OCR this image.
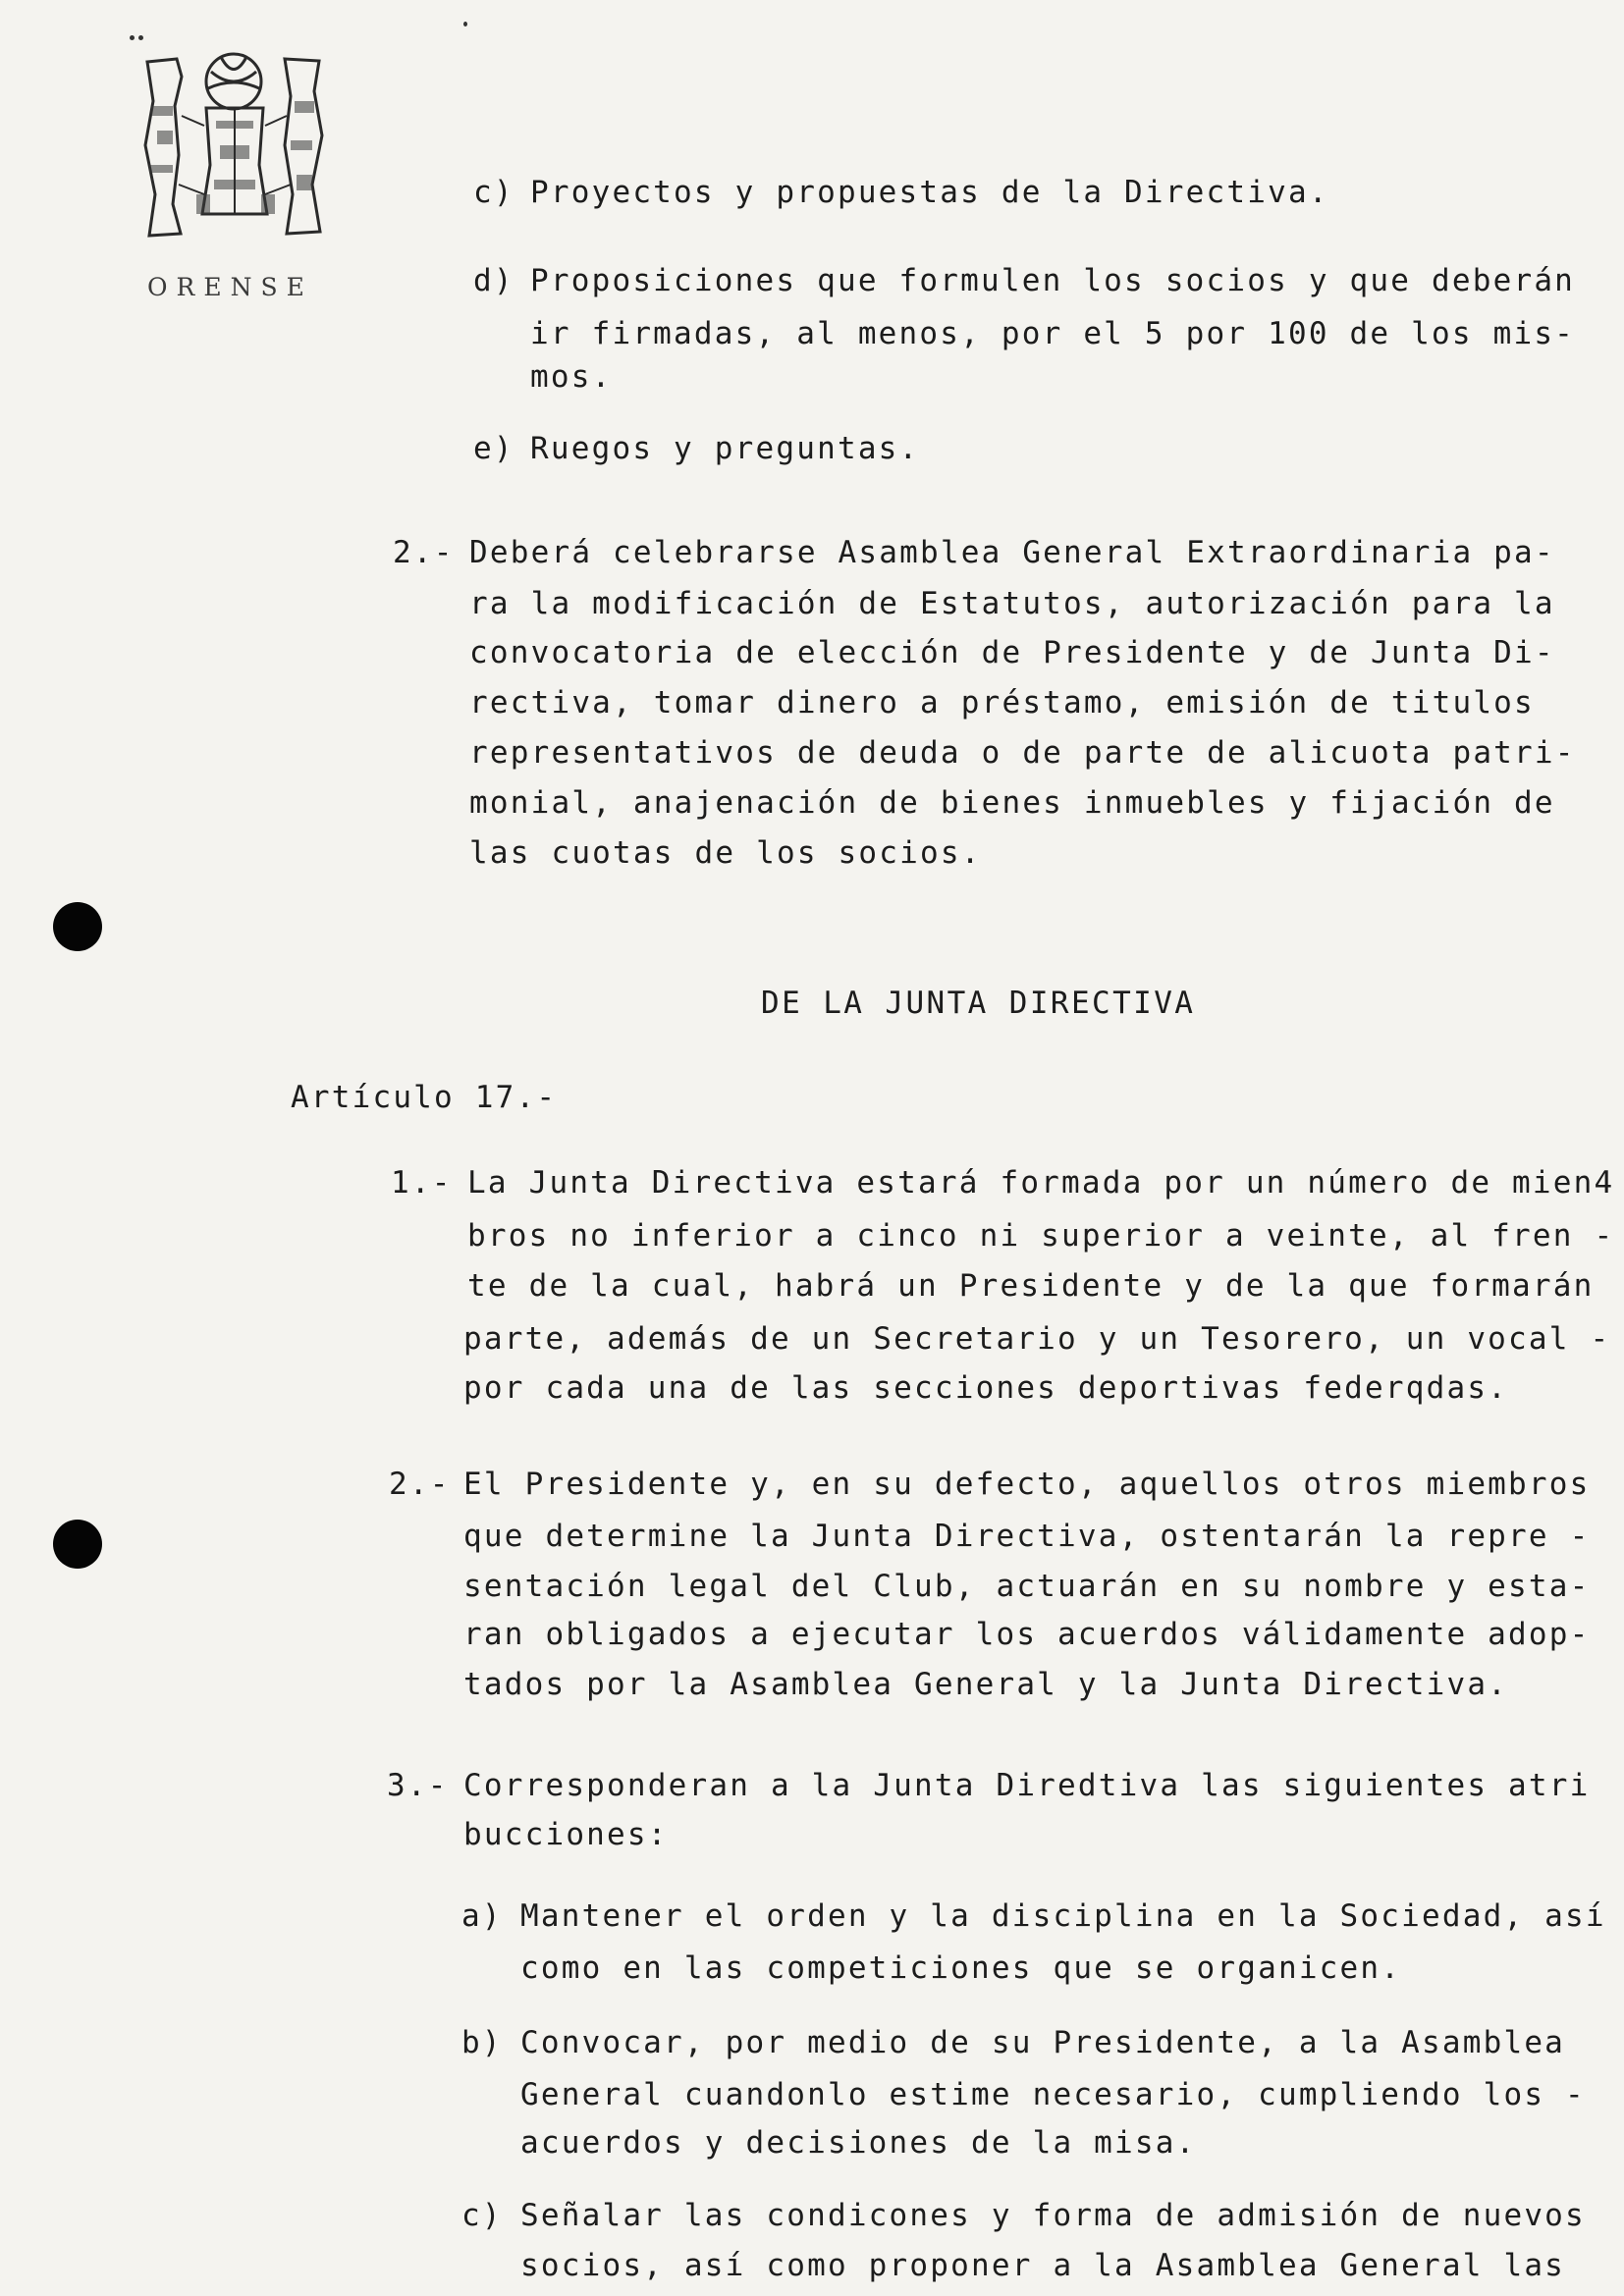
ORENSE
c) Proyectos y propuestas de la Directiva.
d) Proposiciones que formulen los socios y que deberán
ir firmadas, al menos, por el 5 por 100 de los mis-
mos.
e) Ruegos y preguntas.
2.- Deberá celebrarse Asamblea General Extraordinaria pa-
ra la modificación de Estatutos, autorización para la
convocatoria de elección de Presidente y de Junta Di-
rectiva, tomar dinero a préstamo, emisión de titulos
representativos de deuda o de parte de alicuota patri-
monial, anajenación de bienes inmuebles y fijación de
las cuotas de los socios.
DE LA JUNTA DIRECTIVA
Artículo 17.-
1.- La Junta Directiva estará formada por un número de mien4
bros no inferior a cinco ni superior a veinte, al fren -
te de la cual, habrá un Presidente y de la que formarán
parte, además de un Secretario y un Tesorero, un vocal -
por cada una de las secciones deportivas federqdas.
2.- El Presidente y, en su defecto, aquellos otros miembros
que determine la Junta Directiva, ostentarán la repre -
sentación legal del Club, actuarán en su nombre y esta-
ran obligados a ejecutar los acuerdos válidamente adop-
tados por la Asamblea General y la Junta Directiva.
3.- Corresponderan a la Junta Diredtiva las siguientes atri
bucciones:
a) Mantener el orden y la disciplina en la Sociedad, así
como en las competiciones que se organicen.
b) Convocar, por medio de su Presidente, a la Asamblea
General cuandonlo estime necesario, cumpliendo los -
acuerdos y decisiones de la misa.
c) Señalar las condicones y forma de admisión de nuevos
socios, así como proponer a la Asamblea General las
